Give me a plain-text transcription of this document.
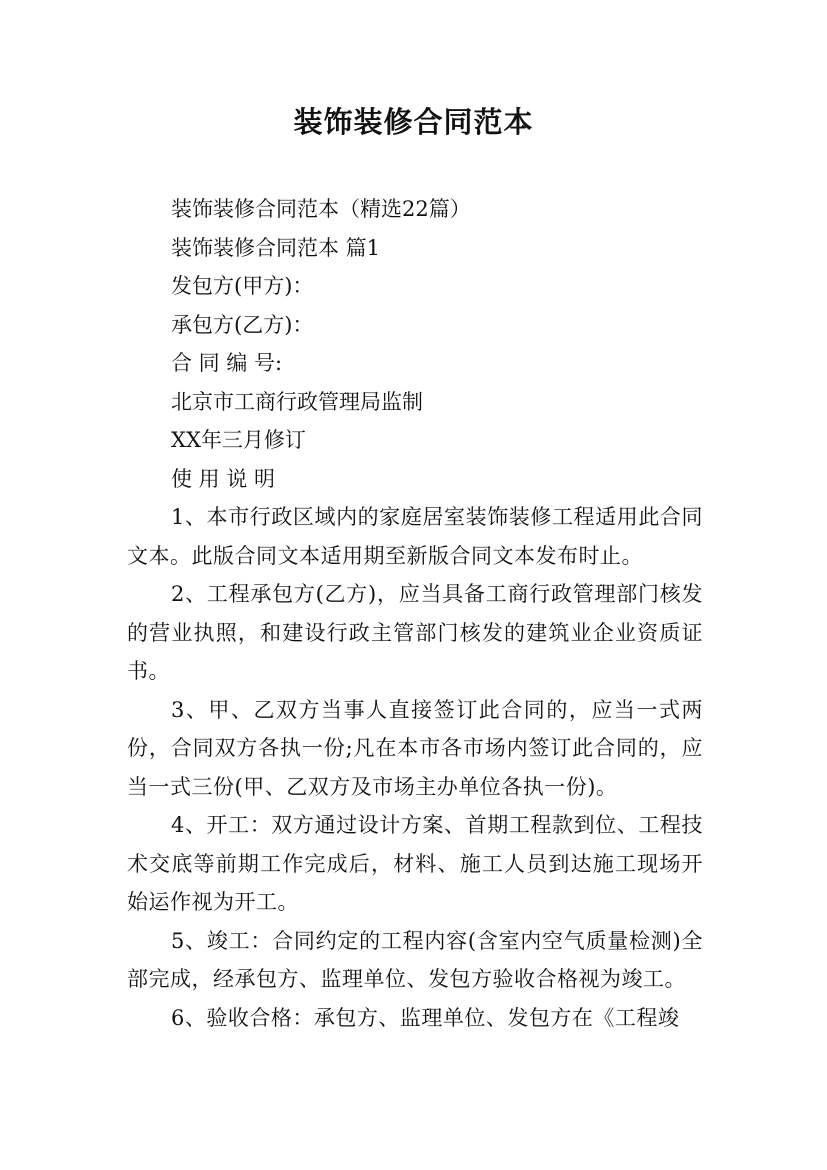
装饰装修合同范本
装饰装修合同范本（精选22篇）
装饰装修合同范本 篇1
发包方(甲方)：
承包方(乙方)：
合 同 编 号:
北京市工商行政管理局监制
XX年三月修订
使 用 说 明
1、本市行政区域内的家庭居室装饰装修工程适用此合同文本。此版合同文本适用期至新版合同文本发布时止。
2、工程承包方(乙方)，应当具备工商行政管理部门核发的营业执照，和建设行政主管部门核发的建筑业企业资质证书。
3、甲、乙双方当事人直接签订此合同的，应当一式两份，合同双方各执一份;凡在本市各市场内签订此合同的，应当一式三份(甲、乙双方及市场主办单位各执一份)。
4、开工：双方通过设计方案、首期工程款到位、工程技术交底等前期工作完成后，材料、施工人员到达施工现场开始运作视为开工。
5、竣工：合同约定的工程内容(含室内空气质量检测)全部完成，经承包方、监理单位、发包方验收合格视为竣工。
6、验收合格：承包方、监理单位、发包方在《工程竣
